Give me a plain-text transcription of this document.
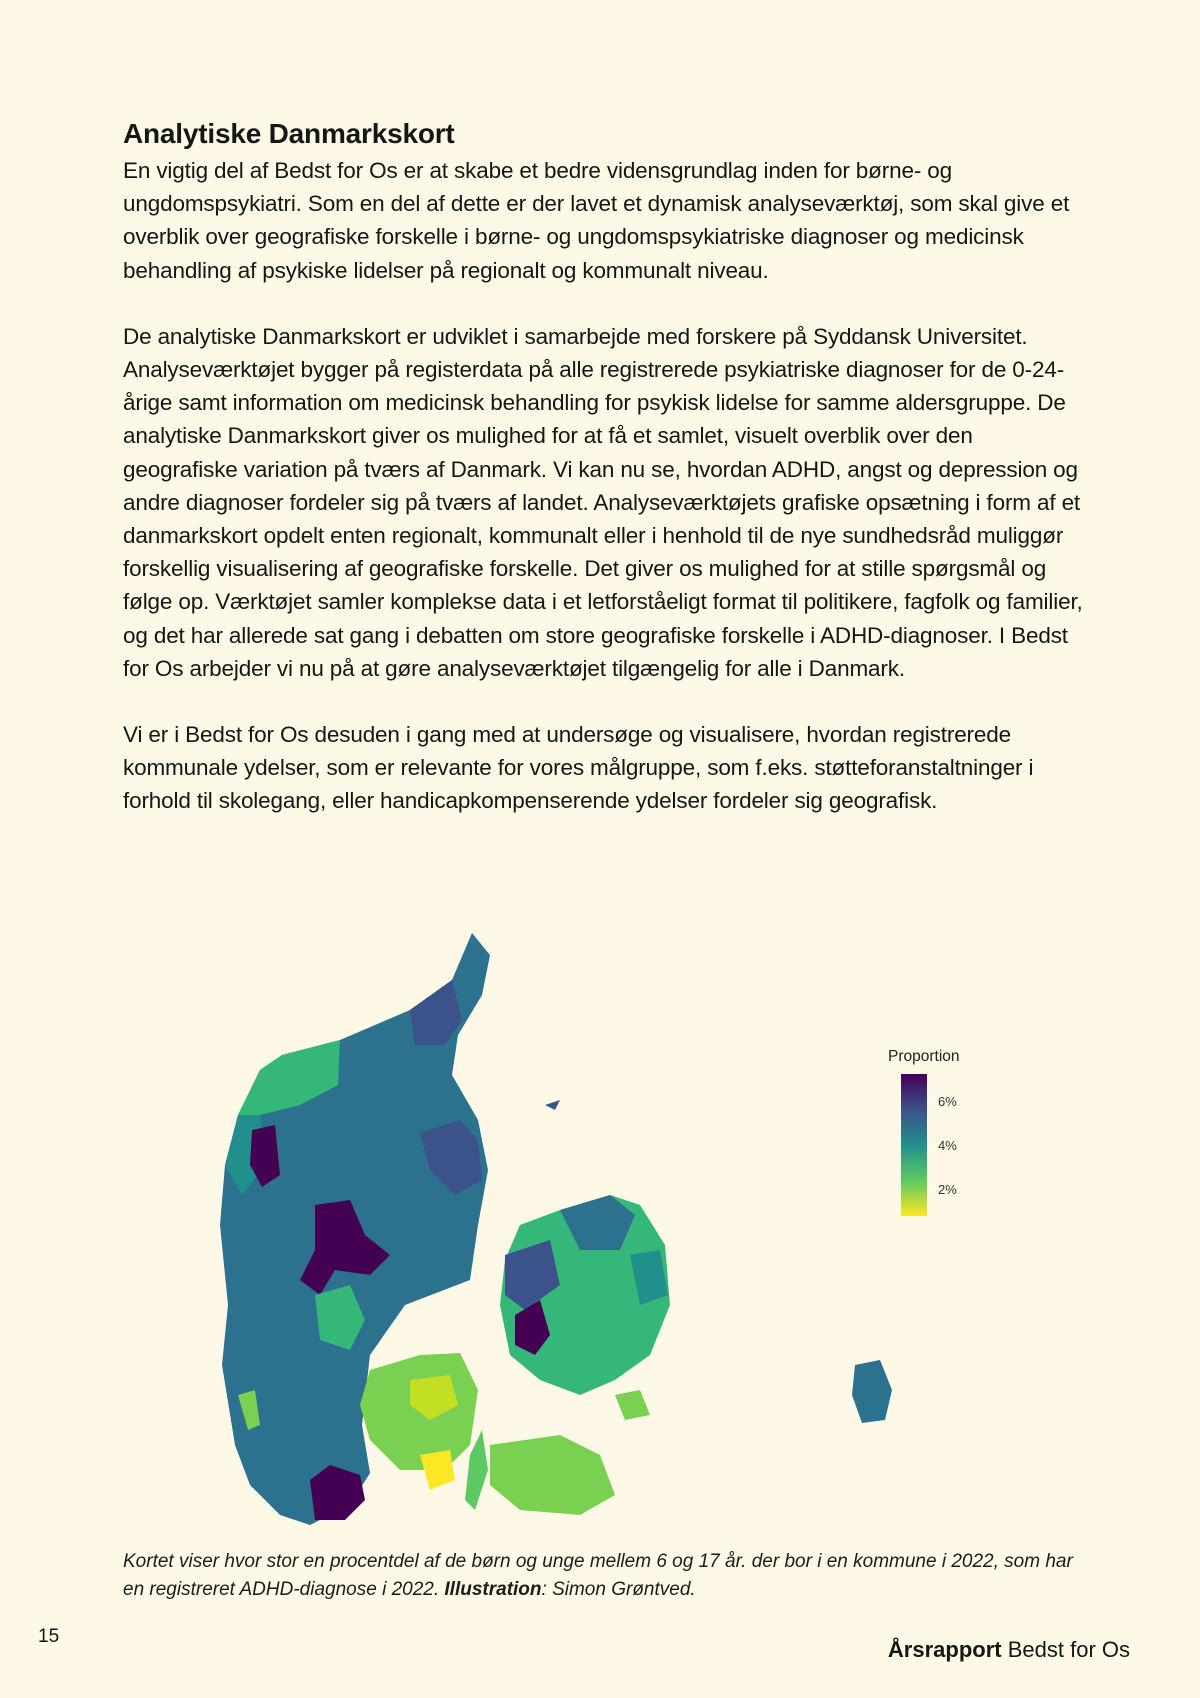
Analytiske Danmarkskort

En vigtig del af Bedst for Os er at skabe et bedre vidensgrundlag inden for børne- og ungdomspsykiatri. Som en del af dette er der lavet et dynamisk analyseværktøj, som skal give et overblik over geografiske forskelle i børne- og ungdomspsykiatriske diagnoser og medicinsk behandling af psykiske lidelser på regionalt og kommunalt niveau.

De analytiske Danmarkskort er udviklet i samarbejde med forskere på Syddansk Universitet.

Analyseværktøjet bygger på registerdata på alle registrerede psykiatriske diagnoser for de 0-24-årige samt information om medicinsk behandling for psykisk lidelse for samme aldersgruppe. De analytiske Danmarkskort giver os mulighed for at få et samlet, visuelt overblik over den geografiske variation på tværs af Danmark. Vi kan nu se, hvordan ADHD, angst og depression og andre diagnoser fordeler sig på tværs af landet. Analyseværktøjets grafiske opsætning i form af et danmarkskort opdelt enten regionalt, kommunalt eller i henhold til de nye sundhedsråd muliggør forskellig visualisering af geografiske forskelle. Det giver os mulighed for at stille spørgsmål og følge op. Værktøjet samler komplekse data i et letforståeligt format til politikere, fagfolk og familier, og det har allerede sat gang i debatten om store geografiske forskelle i ADHD-diagnoser. I Bedst for Os arbejder vi nu på at gøre analyseværktøjet tilgængelig for alle i Danmark.

Vi er i Bedst for Os desuden i gang med at undersøge og visualisere, hvordan registrerede kommunale ydelser, som er relevante for vores målgruppe, som f.eks. støtteforanstaltninger i forhold til skolegang, eller handicapkompenserende ydelser fordeler sig geografisk.

Proportion
6%
4%
2%
Kortet viser hvor stor en procentdel af de børn og unge mellem 6 og 17 år. der bor i en kommune i 2022, som har en registreret ADHD-diagnose i 2022. Illustration: Simon Grøntved.
15
Årsrapport Bedst for Os
